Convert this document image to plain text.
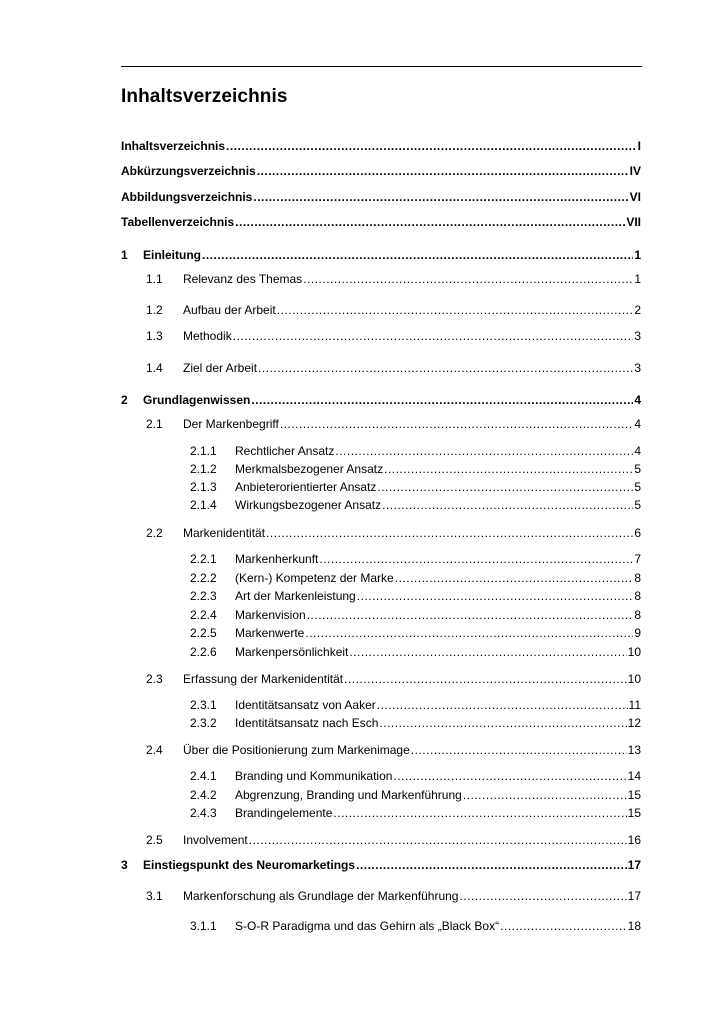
Inhaltsverzeichnis
Inhaltsverzeichnis .....	I
Abkürzungsverzeichnis .....	IV
Abbildungsverzeichnis .....	VI
Tabellenverzeichnis .....	VII
1	Einleitung .....	1
1.1	Relevanz des Themas .....	1
1.2	Aufbau der Arbeit .....	2
1.3	Methodik .....	3
1.4	Ziel der Arbeit .....	3
2	Grundlagenwissen .....	4
2.1	Der Markenbegriff .....	4
2.1.1	Rechtlicher Ansatz .....	4
2.1.2	Merkmalsbezogener Ansatz .....	5
2.1.3	Anbieterorientierter Ansatz .....	5
2.1.4	Wirkungsbezogener Ansatz .....	5
2.2	Markenidentität .....	6
2.2.1	Markenherkunft .....	7
2.2.2	(Kern-) Kompetenz der Marke .....	8
2.2.3	Art der Markenleistung .....	8
2.2.4	Markenvision .....	8
2.2.5	Markenwerte .....	9
2.2.6	Markenpersönlichkeit .....	10
2.3	Erfassung der Markenidentität .....	10
2.3.1	Identitätsansatz von Aaker .....	11
2.3.2	Identitätsansatz nach Esch .....	12
2.4	Über die Positionierung zum Markenimage .....	13
2.4.1	Branding und Kommunikation .....	14
2.4.2	Abgrenzung, Branding und Markenführung .....	15
2.4.3	Brandingelemente .....	15
2.5	Involvement .....	16
3	Einstiegspunkt des Neuromarketings .....	17
3.1	Markenforschung als Grundlage der Markenführung .....	17
3.1.1	S-O-R Paradigma und das Gehirn als „Black Box“ .....	18
